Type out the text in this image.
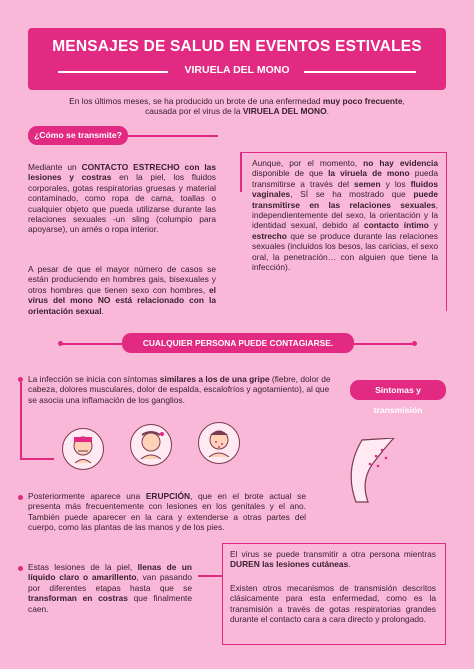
MENSAJES DE SALUD EN EVENTOS ESTIVALES
VIRUELA DEL MONO

En los últimos meses, se ha producido un brote de una enfermedad muy poco frecuente,

causada por el virus de la VIRUELA DEL MONO.

¿Cómo se transmite?
Mediante un CONTACTO ESTRECHO con las lesiones y costras en la piel, los fluidos corporales, gotas respiratorias gruesas y material contaminado, como ropa de cama, toallas o cualquier objeto que pueda utilizarse durante las relaciones sexuales -un sling (columpio para apoyarse), un arnés o ropa interior.
A pesar de que el mayor número de casos se están produciendo en hombres gais, bisexuales y otros hombres que tienen sexo con hombres, el virus del mono NO está relacionado con la orientación sexual.
Aunque, por el momento, no hay evidencia disponible de que la viruela de mono pueda transmitirse a través del semen y los fluidos vaginales, SÍ se ha mostrado que puede transmitirse en las relaciones sexuales, independientemente del sexo, la orientación y la identidad sexual, debido al contacto íntimo y estrecho que se produce durante las relaciones sexuales (incluidos los besos, las caricias, el sexo oral, la penetración… con alguien que tiene la infección).
CUALQUIER PERSONA PUEDE CONTAGIARSE.
La infección se inicia con síntomas similares a los de una gripe (fiebre, dolor de cabeza, dolores musculares, dolor de espalda, escalofríos y agotamiento), al que se asocia una inflamación de los ganglios.
Síntomas y transmisión
Posteriormente aparece una ERUPCIÓN, que en el brote actual se presenta más frecuentemente con lesiones en los genitales y el ano. También puede aparecer en la cara y extenderse a otras partes del cuerpo, como las plantas de las manos y de los pies.
Estas lesiones de la piel, llenas de un líquido claro o amarillento, van pasando por diferentes etapas hasta que se transforman en costras que finalmente caen.
El virus se puede transmitir a otra persona mientras DUREN las lesiones cutáneas.
Existen otros mecanismos de transmisión descritos clásicamente para esta enfermedad, como es la transmisión a través de gotas respiratorias grandes durante el contacto cara a cara directo y prolongado.
